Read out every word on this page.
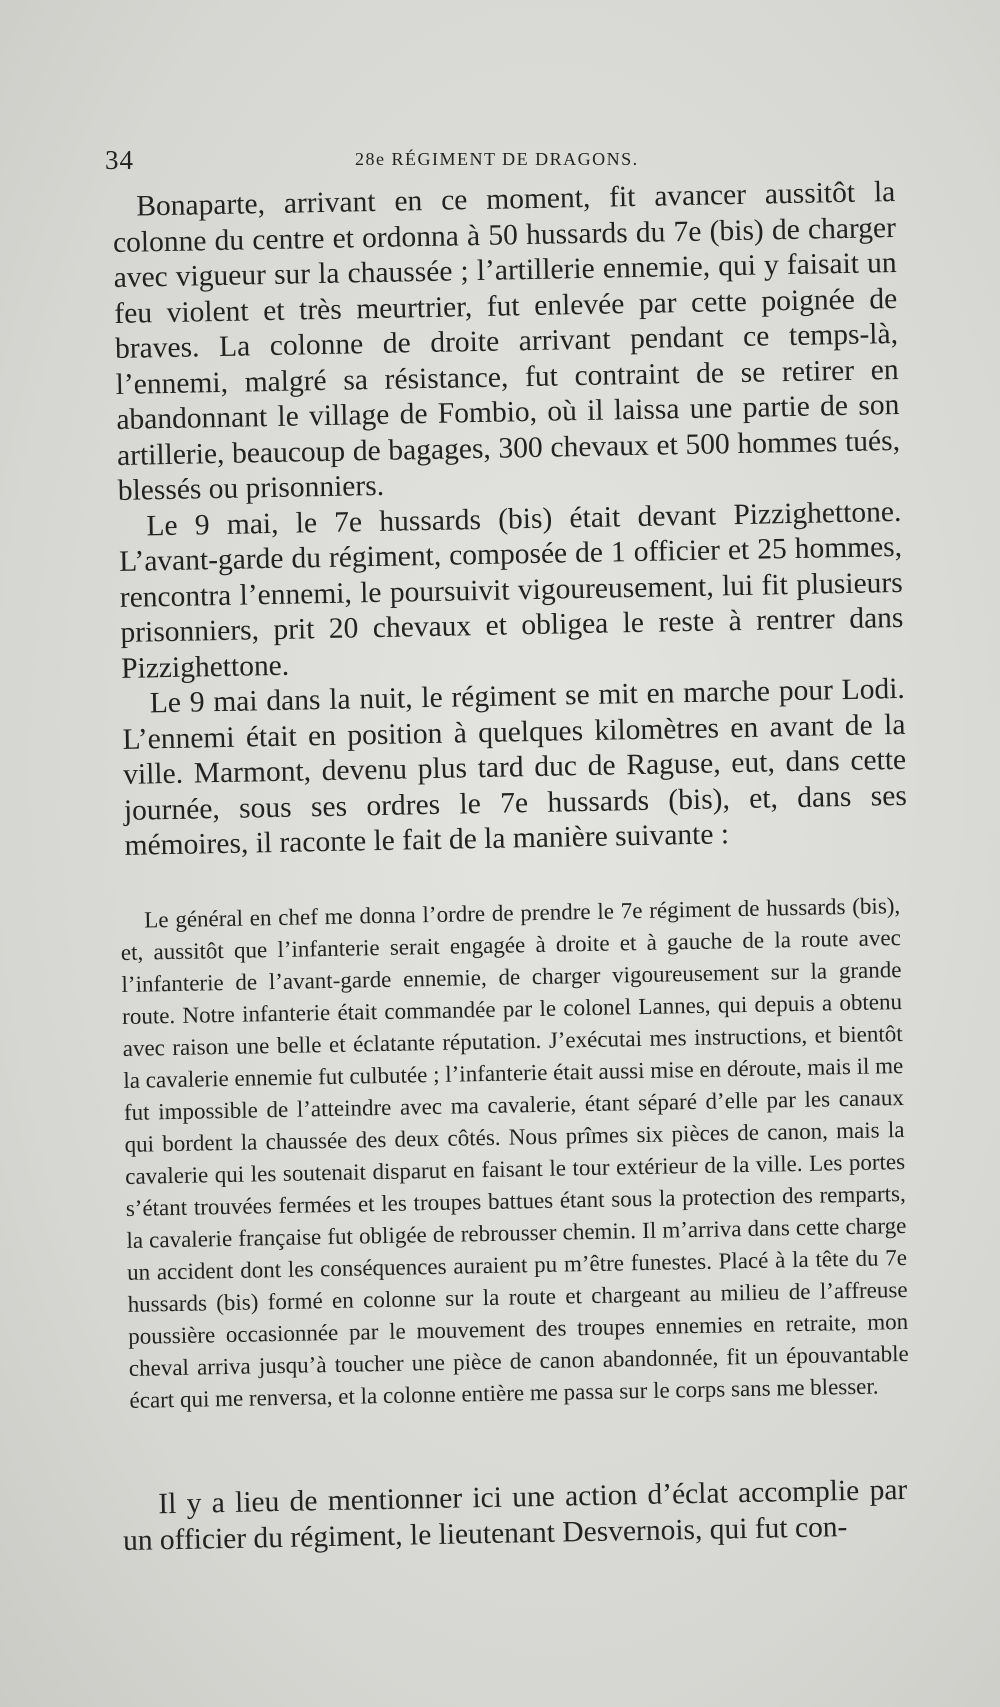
34	28e RÉGIMENT DE DRAGONS.

Bonaparte, arrivant en ce moment, fit avancer aussitôt la colonne du centre et ordonna à 50 hussards du 7e (bis) de charger avec vigueur sur la chaussée ; l’artillerie ennemie, qui y faisait un feu violent et très meurtrier, fut enlevée par cette poignée de braves. La colonne de droite arrivant pendant ce temps-là, l’ennemi, malgré sa résistance, fut contraint de se retirer en abandonnant le village de Fombio, où il laissa une partie de son artillerie, beaucoup de bagages, 300 chevaux et 500 hommes tués, blessés ou prisonniers.

Le 9 mai, le 7e hussards (bis) était devant Pizzighettone. L’avant-garde du régiment, composée de 1 officier et 25 hommes, rencontra l’ennemi, le poursuivit vigoureusement, lui fit plusieurs prisonniers, prit 20 chevaux et obligea le reste à rentrer dans Pizzighettone.

Le 9 mai dans la nuit, le régiment se mit en marche pour Lodi. L’ennemi était en position à quelques kilomètres en avant de la ville. Marmont, devenu plus tard duc de Raguse, eut, dans cette journée, sous ses ordres le 7e hussards (bis), et, dans ses mémoires, il raconte le fait de la manière suivante :

Le général en chef me donna l’ordre de prendre le 7e régiment de hussards (bis), et, aussitôt que l’infanterie serait engagée à droite et à gauche de la route avec l’infanterie de l’avant-garde ennemie, de charger vigoureusement sur la grande route. Notre infanterie était commandée par le colonel Lannes, qui depuis a obtenu avec raison une belle et éclatante réputation. J’exécutai mes instructions, et bientôt la cavalerie ennemie fut culbutée ; l’infanterie était aussi mise en déroute, mais il me fut impossible de l’atteindre avec ma cavalerie, étant séparé d’elle par les canaux qui bordent la chaussée des deux côtés. Nous prîmes six pièces de canon, mais la cavalerie qui les soutenait disparut en faisant le tour extérieur de la ville. Les portes s’étant trouvées fermées et les troupes battues étant sous la protection des remparts, la cavalerie française fut obligée de rebrousser chemin. Il m’arriva dans cette charge un accident dont les conséquences auraient pu m’être funestes. Placé à la tête du 7e hussards (bis) formé en colonne sur la route et chargeant au milieu de l’affreuse poussière occasionnée par le mouvement des troupes ennemies en retraite, mon cheval arriva jusqu’à toucher une pièce de canon abandonnée, fit un épouvantable écart qui me renversa, et la colonne entière me passa sur le corps sans me blesser.

Il y a lieu de mentionner ici une action d’éclat accomplie par un officier du régiment, le lieutenant Desvernois, qui fut con-
